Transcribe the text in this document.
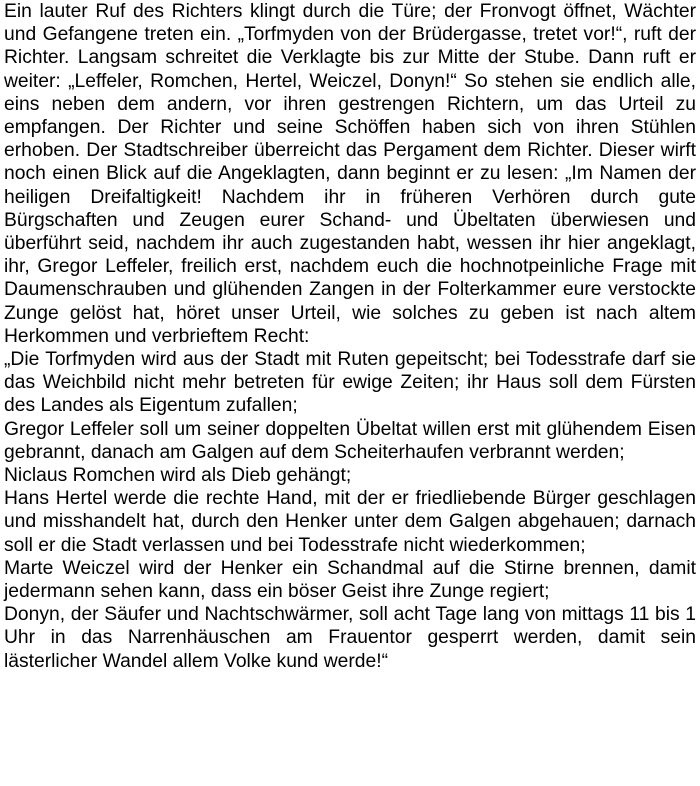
Ein lauter Ruf des Richters klingt durch die Türe; der Fronvogt öffnet, Wächter und Gefangene treten ein. „Torfmyden von der Brüdergasse, tretet vor!“, ruft der Richter. Langsam schreitet die Verklagte bis zur Mitte der Stube. Dann ruft er weiter: „Leffeler, Romchen, Hertel, Weiczel, Donyn!“ So stehen sie endlich alle, eins neben dem andern, vor ihren gestrengen Richtern, um das Urteil zu empfangen. Der Richter und seine Schöffen haben sich von ihren Stühlen erhoben. Der Stadtschreiber überreicht das Pergament dem Richter. Dieser wirft noch einen Blick auf die Angeklagten, dann beginnt er zu lesen: „Im Namen der heiligen Dreifaltigkeit! Nachdem ihr in früheren Verhören durch gute Bürgschaften und Zeugen eurer Schand- und Übeltaten überwiesen und überführt seid, nachdem ihr auch zugestanden habt, wessen ihr hier angeklagt, ihr, Gregor Leffeler, freilich erst, nachdem euch die hochnotpeinliche Frage mit Daumenschrauben und glühenden Zangen in der Folterkammer eure verstockte Zunge gelöst hat, höret unser Urteil, wie solches zu geben ist nach altem Herkommen und verbrieftem Recht:

„Die Torfmyden wird aus der Stadt mit Ruten gepeitscht; bei Todesstrafe darf sie das Weichbild nicht mehr betreten für ewige Zeiten; ihr Haus soll dem Fürsten des Landes als Eigentum zufallen;

Gregor Leffeler soll um seiner doppelten Übeltat willen erst mit glühendem Eisen gebrannt, danach am Galgen auf dem Scheiterhaufen verbrannt werden;

Niclaus Romchen wird als Dieb gehängt;

Hans Hertel werde die rechte Hand, mit der er friedliebende Bürger geschlagen und misshandelt hat, durch den Henker unter dem Galgen abgehauen; darnach soll er die Stadt verlassen und bei Todesstrafe nicht wiederkommen;

Marte Weiczel wird der Henker ein Schandmal auf die Stirne brennen, damit jedermann sehen kann, dass ein böser Geist ihre Zunge regiert;

Donyn, der Säufer und Nachtschwärmer, soll acht Tage lang von mittags 11 bis 1 Uhr in das Narrenhäuschen am Frauentor gesperrt werden, damit sein lästerlicher Wandel allem Volke kund werde!“
